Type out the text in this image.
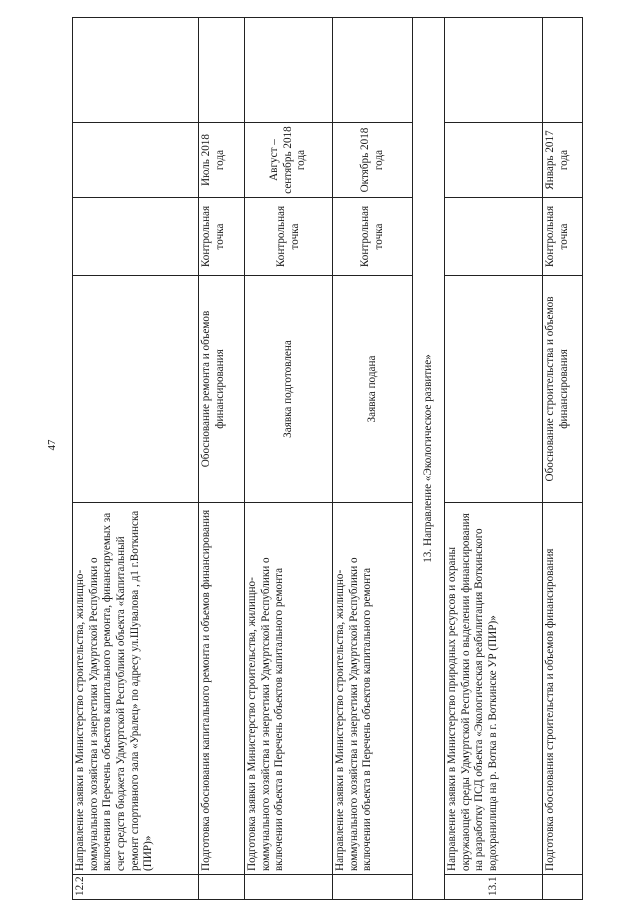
47
12.2	Направление заявки в Министерство строительства, жилищно-коммунального хозяйства и энергетики Удмуртской Республики о включении в Перечень объектов капитального ремонта, финансируемых за счет средств бюджета Удмуртской Республики объекта «Капитальный ремонт спортивного зала «Уралец» по адресу ул.Шувалова , д1 г.Воткинска (ПИР)»				
	Подготовка обоснования капитального ремонта и объемов финансирования	Обоснование ремонта и объемов финансирования	Контрольная точка	Июль 2018 года	
	Подготовка заявки в Министерство строительства, жилищно-коммунального хозяйства и энергетики Удмуртской Республики о включении объекта в Перечень объектов капитального ремонта	Заявка подготовлена	Контрольная точка	Август – сентябрь 2018 года	
	Направление заявки в Министерство строительства, жилищно-коммунального хозяйства и энергетики Удмуртской Республики о включении объекта в Перечень объектов капитального ремонта	Заявка подана	Контрольная точка	Октябрь 2018 года	
13. Направление «Экологическое развитие»					
13.1	Направление заявки в Министерство природных ресурсов и охраны окружающей среды Удмуртской Республики о выделении финансирования на разработку ПСД объекта «Экологическая реабилитация Воткинского водохранилища на р. Вотка в г. Воткинске УР (ПИР)»				
	Подготовка обоснования строительства и объемов финансирования	Обоснование строительства и объемов финансирования	Контрольная точка	Январь 2017 года	
